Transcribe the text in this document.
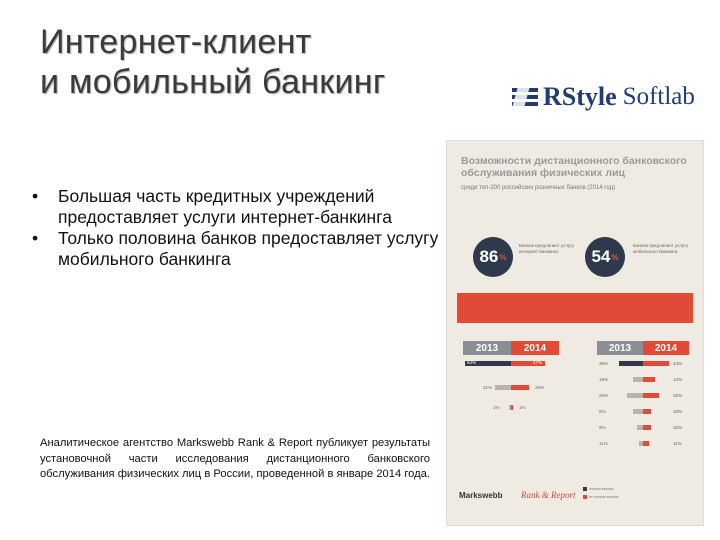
Интернет-клиент
и мобильный банкинг	RStyle Softlab
• Большая часть кредитных учреждений предоставляет услуги интернет-банкинга
• Только половина банков предоставляет услугу мобильного банкинга
Аналитическое агентство Markswebb Rank & Report публикует результаты установочной части исследования дистанционного банковского обслуживания физических лиц в России, проведенной в январе 2014 года.
Возможности дистанционного банковского обслуживания физических лиц
среди топ-200 российских розничных банков (2014 год)
86 %
Банков предлагают услугу интернет-банкинга	54 %
Банков предлагают услугу мобильного банкинга
2013	2014	2013	2014
64%	47%
21%	25%
1%	1%
38%	43%
19%	13%
26%	26%
5%	18%
9%	15%
11%	11%
Markswebb Rank & Report
полная версия
не полная версия
